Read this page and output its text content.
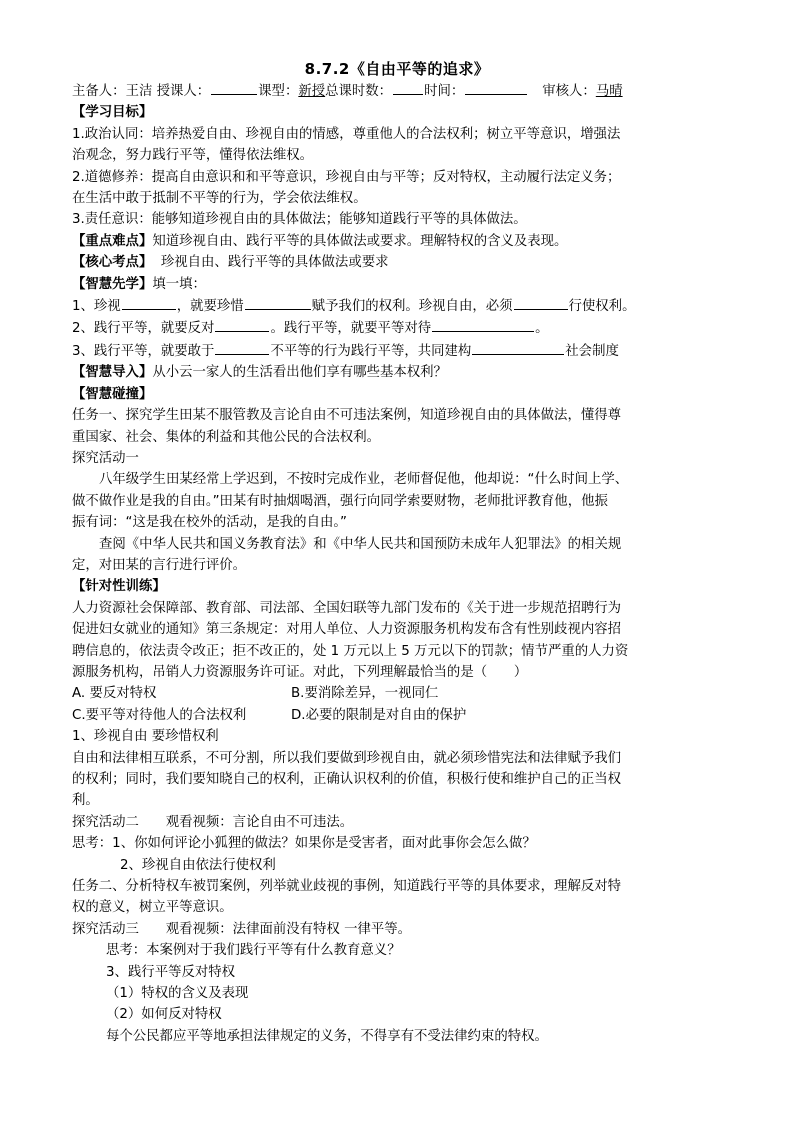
8.7.2《自由平等的追求》
主备人：王洁 授课人：	课型：新授总课时数： 时间：	审核人：马晴
【学习目标】
1.政治认同：培养热爱自由、珍视自由的情感，尊重他人的合法权利；树立平等意识，增强法
治观念，努力践行平等，懂得依法维权。
2.道德修养：提高自由意识和和平等意识，珍视自由与平等；反对特权，主动履行法定义务；
在生活中敢于抵制不平等的行为，学会依法维权。
3.责任意识：能够知道珍视自由的具体做法；能够知道践行平等的具体做法。
【重点难点】知道珍视自由、践行平等的具体做法或要求。理解特权的含义及表现。
【核心考点】  珍视自由、践行平等的具体做法或要求
【智慧先学】填一填：
1、珍视	，就要珍惜	赋予我们的权利。珍视自由，必须	行使权利。
2、践行平等，就要反对	。践行平等，就要平等对待	。
3、践行平等，就要敢于	不平等的行为践行平等，共同建构	社会制度
【智慧导入】从小云一家人的生活看出他们享有哪些基本权利？
【智慧碰撞】
任务一、探究学生田某不服管教及言论自由不可违法案例，知道珍视自由的具体做法，懂得尊
重国家、社会、集体的利益和其他公民的合法权利。
探究活动一
八年级学生田某经常上学迟到，不按时完成作业，老师督促他，他却说：“什么时间上学、
做不做作业是我的自由。”田某有时抽烟喝酒，强行向同学索要财物，老师批评教育他，他振
振有词：“这是我在校外的活动，是我的自由。”
查阅《中华人民共和国义务教育法》和《中华人民共和国预防未成年人犯罪法》的相关规
定，对田某的言行进行评价。
【针对性训练】
人力资源社会保障部、教育部、司法部、全国妇联等九部门发布的《关于进一步规范招聘行为
促进妇女就业的通知》第三条规定：对用人单位、人力资源服务机构发布含有性别歧视内容招
聘信息的，依法责令改正；拒不改正的，处 1 万元以上 5 万元以下的罚款；情节严重的人力资
源服务机构，吊销人力资源服务许可证。对此，下列理解最恰当的是（　　）
A. 要反对特权	B.要消除差异，一视同仁
C.要平等对待他人的合法权利	D.必要的限制是对自由的保护
1、珍视自由 要珍惜权利
自由和法律相互联系，不可分割，所以我们要做到珍视自由，就必须珍惜宪法和法律赋予我们
的权利；同时，我们要知晓自己的权利，正确认识权利的价值，积极行使和维护自己的正当权
利。
探究活动二　　观看视频：言论自由不可违法。
思考：1、你如何评论小狐狸的做法？如果你是受害者，面对此事你会怎么做？
2、珍视自由依法行使权利
任务二、分析特权车被罚案例，列举就业歧视的事例，知道践行平等的具体要求，理解反对特
权的意义，树立平等意识。
探究活动三　　观看视频：法律面前没有特权 一律平等。
思考：本案例对于我们践行平等有什么教育意义？
3、践行平等反对特权
（1）特权的含义及表现
（2）如何反对特权
每个公民都应平等地承担法律规定的义务，不得享有不受法律约束的特权。
